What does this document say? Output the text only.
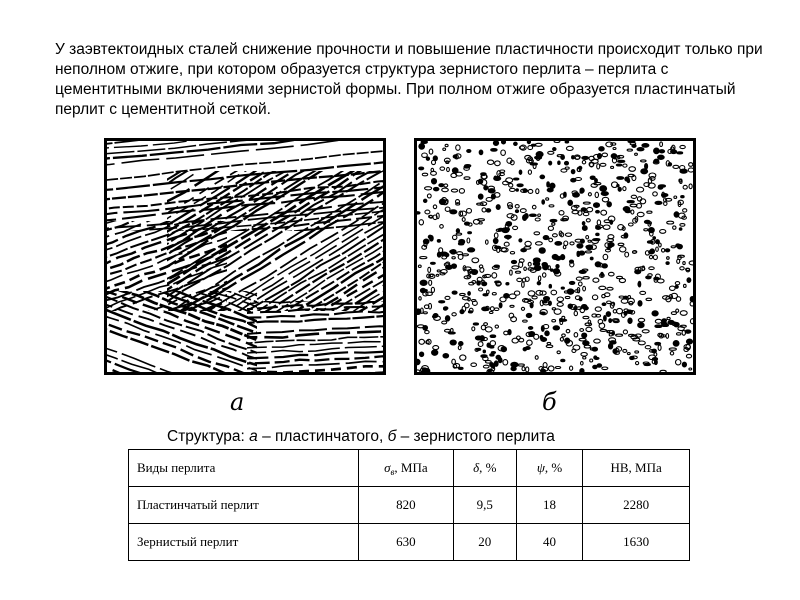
У заэвтектоидных сталей снижение прочности и повышение пластичности происходит только при неполном отжиге, при котором образуется структура зернистого перлита – перлита с цементитными включениями зернистой формы. При полном отжиге образуется пластинчатый перлит с цементитной сеткой.

а	б
Структура: а – пластинчатого, б – зернистого перлита
Виды перлита	$\sigma_в$, МПа	δ, %	ψ, %	НВ, МПа
Пластинчатый перлит	820	9,5	18	2280
Зернистый перлит	630	20	40	1630
